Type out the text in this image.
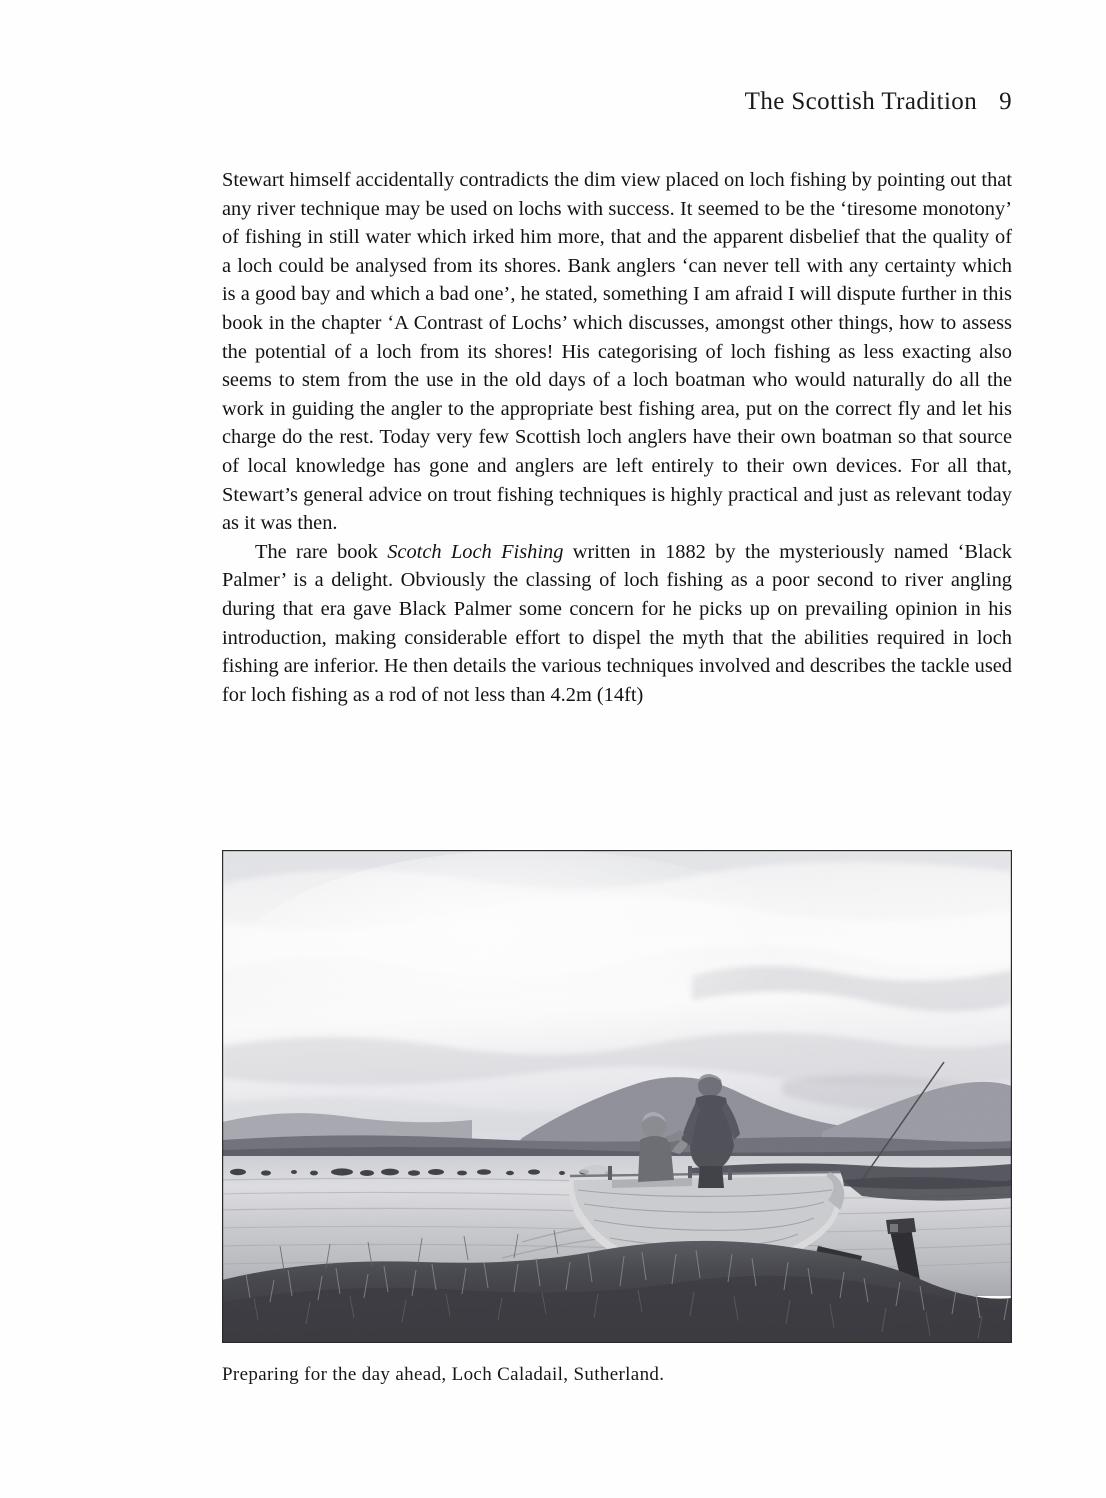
The Scottish Tradition 9

Stewart himself accidentally contradicts the dim view placed on loch fishing by pointing out that any river technique may be used on lochs with success. It seemed to be the ‘tiresome monotony’ of fishing in still water which irked him more, that and the apparent disbelief that the quality of a loch could be analysed from its shores. Bank anglers ‘can never tell with any certainty which is a good bay and which a bad one’, he stated, something I am afraid I will dispute further in this book in the chapter ‘A Contrast of Lochs’ which discusses, amongst other things, how to assess the potential of a loch from its shores! His categorising of loch fishing as less exacting also seems to stem from the use in the old days of a loch boatman who would naturally do all the work in guiding the angler to the appropriate best fishing area, put on the correct fly and let his charge do the rest. Today very few Scottish loch anglers have their own boatman so that source of local knowledge has gone and anglers are left entirely to their own devices. For all that, Stewart’s general advice on trout fishing techniques is highly practical and just as relevant today as it was then.

The rare book Scotch Loch Fishing written in 1882 by the mysteriously named ‘Black Palmer’ is a delight. Obviously the classing of loch fishing as a poor second to river angling during that era gave Black Palmer some concern for he picks up on prevailing opinion in his introduction, making considerable effort to dispel the myth that the abilities required in loch fishing are inferior. He then details the various techniques involved and describes the tackle used for loch fishing as a rod of not less than 4.2m (14ft)

Preparing for the day ahead, Loch Caladail, Sutherland.
